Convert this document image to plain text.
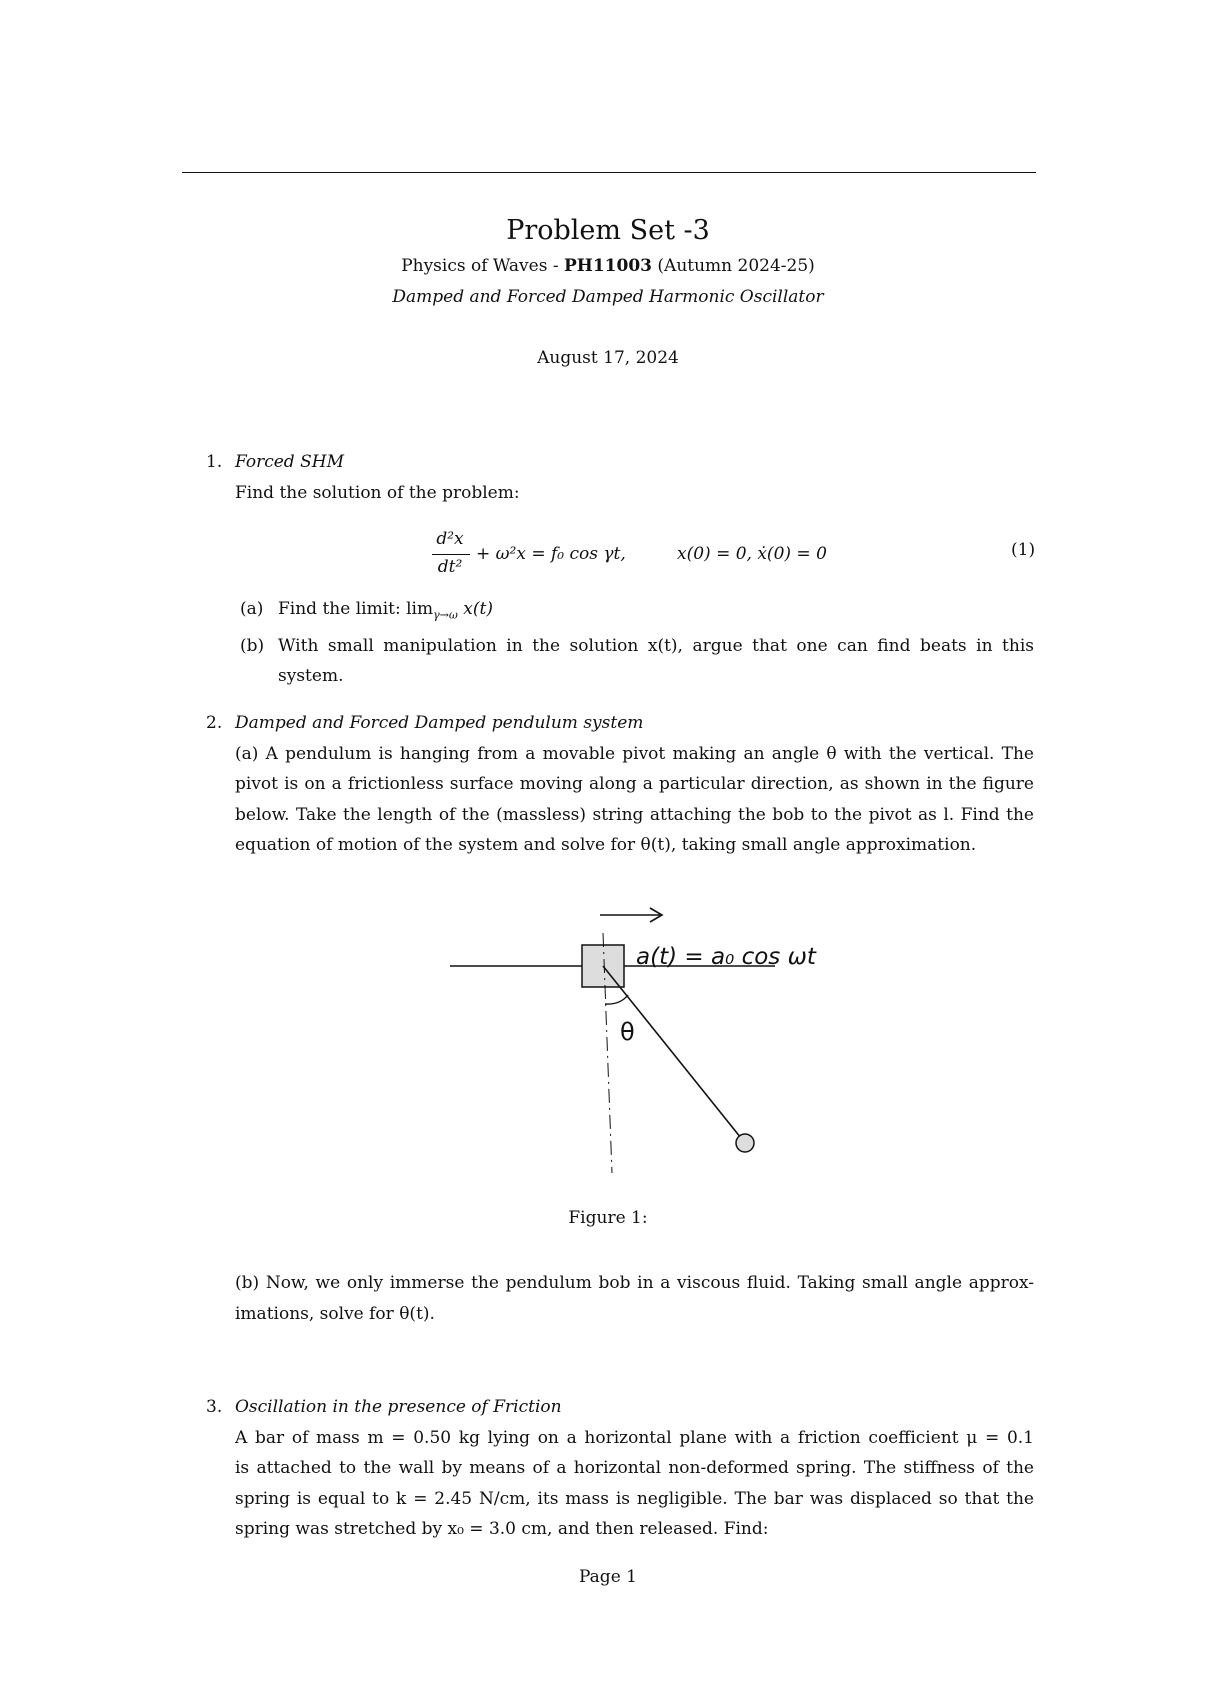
Problem Set -3
Physics of Waves - PH11003 (Autumn 2024-25)
Damped and Forced Damped Harmonic Oscillator
August 17, 2024
1. Forced SHM
Find the solution of the problem:
d²x
dt²
+ ω²x = f₀ cos γt,	x(0) = 0, ẋ(0) = 0	(1)
(a) Find the limit: $\lim_{\gamma\to\omega} x(t)$
(b) With small manipulation in the solution x(t), argue that one can find beats in this
system.
2. Damped and Forced Damped pendulum system
(a) A pendulum is hanging from a movable pivot making an angle θ with the vertical. The
pivot is on a frictionless surface moving along a particular direction, as shown in the figure
below. Take the length of the (massless) string attaching the bob to the pivot as l. Find the
equation of motion of the system and solve for θ(t), taking small angle approximation.
θ
a(t) = a₀ cos ωt
Figure 1:
(b) Now, we only immerse the pendulum bob in a viscous fluid. Taking small angle approx-
imations, solve for θ(t).
3. Oscillation in the presence of Friction
A bar of mass m = 0.50 kg lying on a horizontal plane with a friction coefficient μ = 0.1
is attached to the wall by means of a horizontal non-deformed spring. The stiffness of the
spring is equal to k = 2.45 N/cm, its mass is negligible. The bar was displaced so that the
spring was stretched by x₀ = 3.0 cm, and then released. Find:
Page 1
